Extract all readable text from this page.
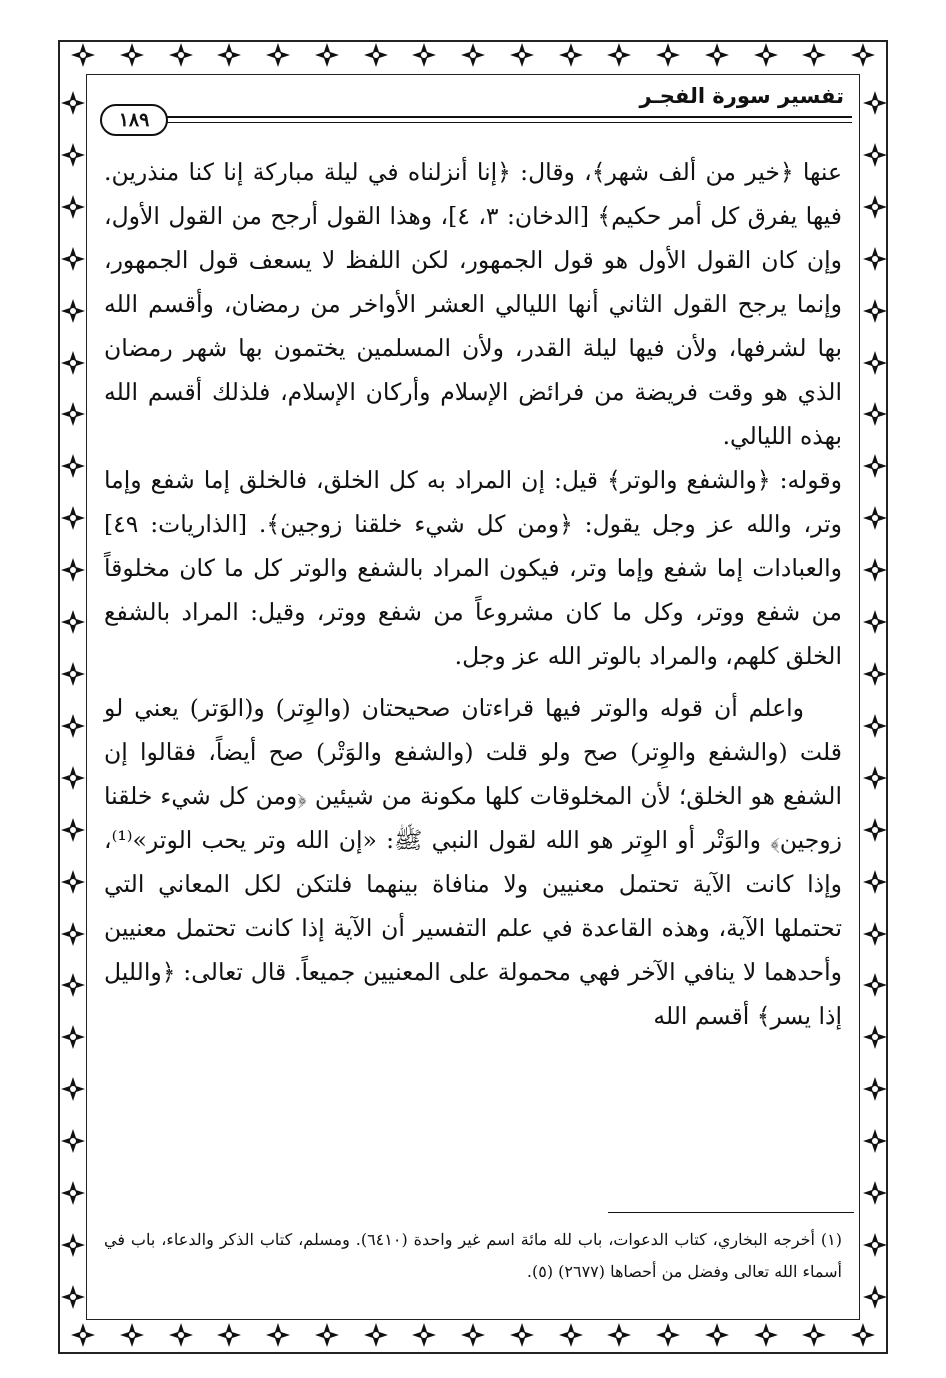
تفسير سورة الفجـر
١٨٩

عنها ﴿خير من ألف شهر﴾، وقال: ﴿إنا أنزلناه في ليلة مباركة إنا كنا منذرين. فيها يفرق كل أمر حكيم﴾ [الدخان: ٣، ٤]، وهذا القول أرجح من القول الأول، وإن كان القول الأول هو قول الجمهور، لكن اللفظ لا يسعف قول الجمهور، وإنما يرجح القول الثاني أنها الليالي العشر الأواخر من رمضان، وأقسم الله بها لشرفها، ولأن فيها ليلة القدر، ولأن المسلمين يختمون بها شهر رمضان الذي هو وقت فريضة من فرائض الإسلام وأركان الإسلام، فلذلك أقسم الله بهذه الليالي.

وقوله: ﴿والشفع والوتر﴾ قيل: إن المراد به كل الخلق، فالخلق إما شفع وإما وتر، والله عز وجل يقول: ﴿ومن كل شيء خلقنا زوجين﴾. [الذاريات: ٤٩] والعبادات إما شفع وإما وتر، فيكون المراد بالشفع والوتر كل ما كان مخلوقاً من شفع ووتر، وكل ما كان مشروعاً من شفع ووتر، وقيل: المراد بالشفع الخلق كلهم، والمراد بالوتر الله عز وجل.

واعلم أن قوله والوتر فيها قراءتان صحيحتان (والوِتر) و(الوَتر) يعني لو قلت (والشفع والوِتر) صح ولو قلت (والشفع والوَتْر) صح أيضاً، فقالوا إن الشفع هو الخلق؛ لأن المخلوقات كلها مكونة من شيئين ﴿ومن كل شيء خلقنا زوجين﴾ والوَتْر أو الوِتر هو الله لقول النبي ﷺ: «إن الله وتر يحب الوتر»⁽¹⁾، وإذا كانت الآية تحتمل معنيين ولا منافاة بينهما فلتكن لكل المعاني التي تحتملها الآية، وهذه القاعدة في علم التفسير أن الآية إذا كانت تحتمل معنيين وأحدهما لا ينافي الآخر فهي محمولة على المعنيين جميعاً. قال تعالى: ﴿والليل إذا يسر﴾ أقسم الله

(١) أخرجه البخاري، كتاب الدعوات، باب لله مائة اسم غير واحدة (٦٤١٠). ومسلم، كتاب الذكر والدعاء، باب في أسماء الله تعالى وفضل من أحصاها (٢٦٧٧) (٥).
